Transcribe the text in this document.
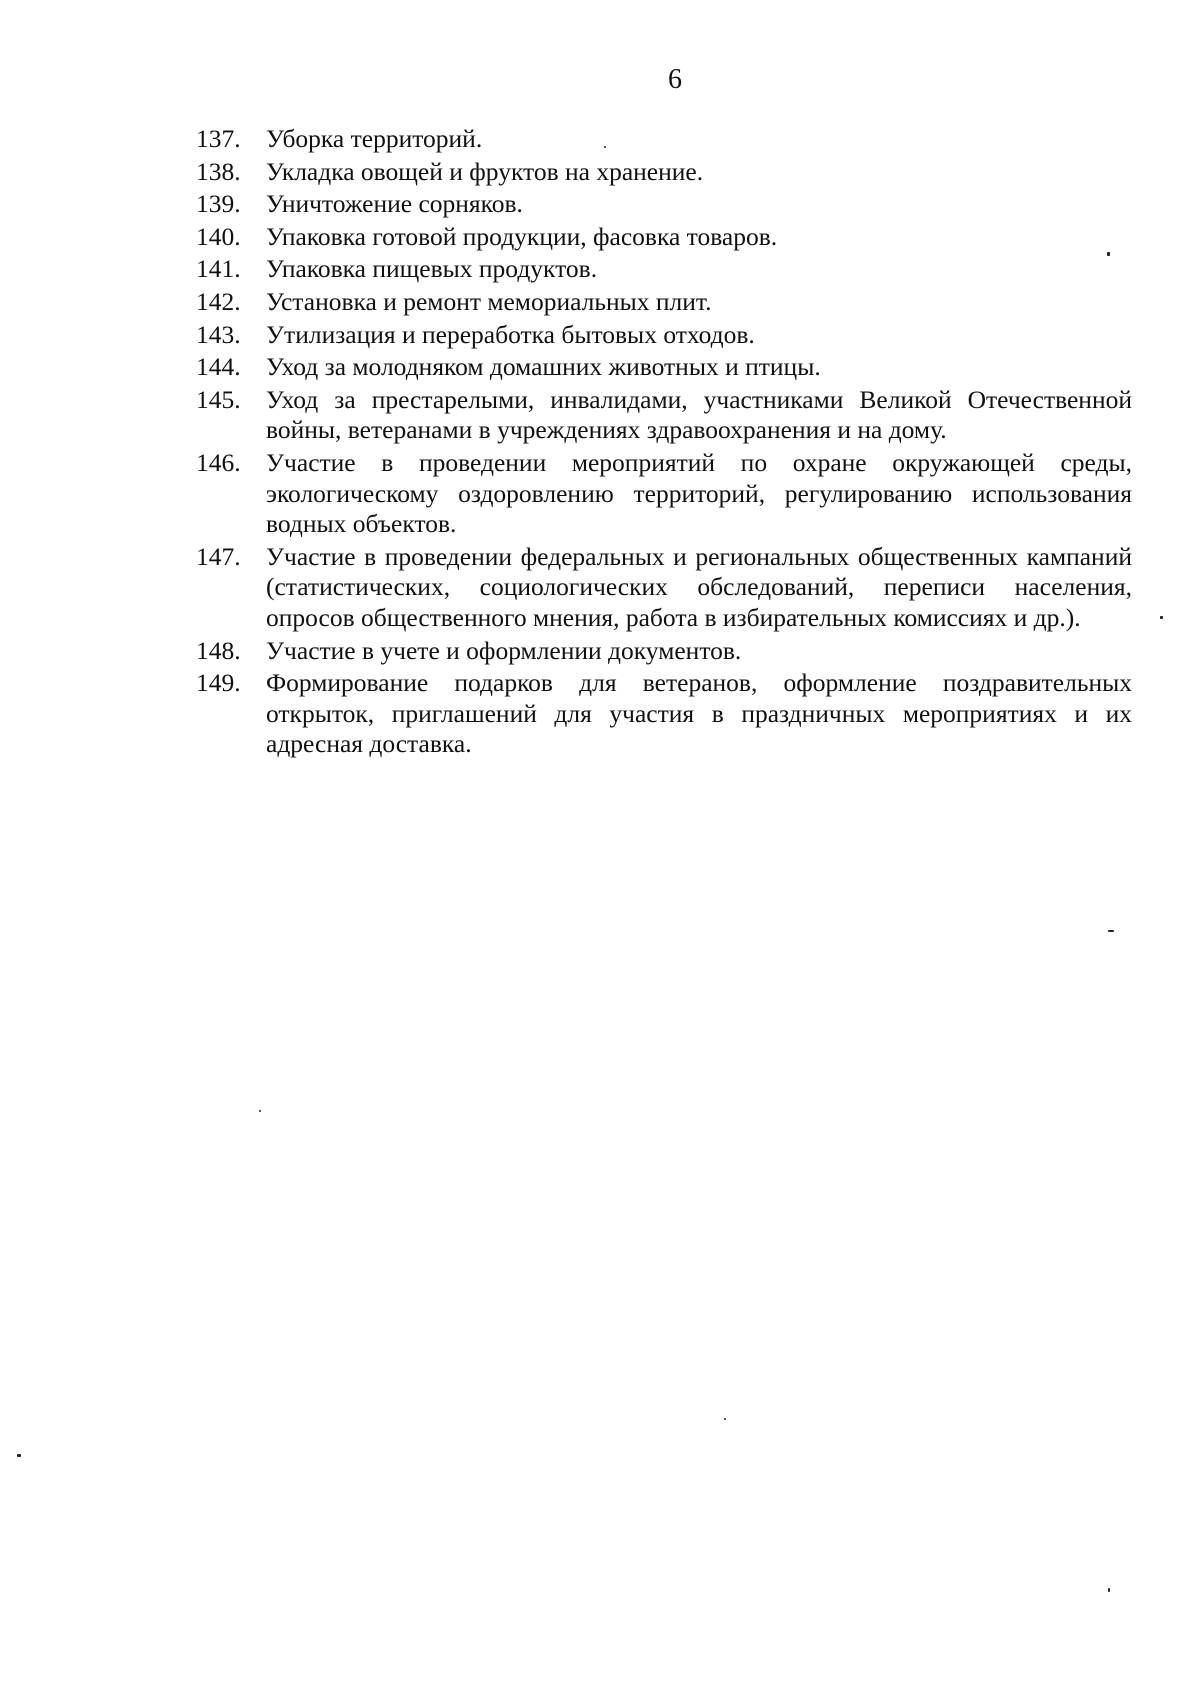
6
137. Уборка территорий.
138. Укладка овощей и фруктов на хранение.
139. Уничтожение сорняков.
140. Упаковка готовой продукции, фасовка товаров.
141. Упаковка пищевых продуктов.
142. Установка и ремонт мемориальных плит.
143. Утилизация и переработка бытовых отходов.
144. Уход за молодняком домашних животных и птицы.
145. Уход за престарелыми, инвалидами, участниками Великой Отечественной войны, ветеранами в учреждениях здравоохранения и на дому.
146. Участие в проведении мероприятий по охране окружающей среды, экологическому оздоровлению территорий, регулированию использования водных объектов.
147. Участие в проведении федеральных и региональных общественных кампаний (статистических, социологических обследований, переписи населения, опросов общественного мнения, работа в избирательных комиссиях и др.).
148. Участие в учете и оформлении документов.
149. Формирование подарков для ветеранов, оформление поздравительных открыток, приглашений для участия в праздничных мероприятиях и их адресная доставка.
